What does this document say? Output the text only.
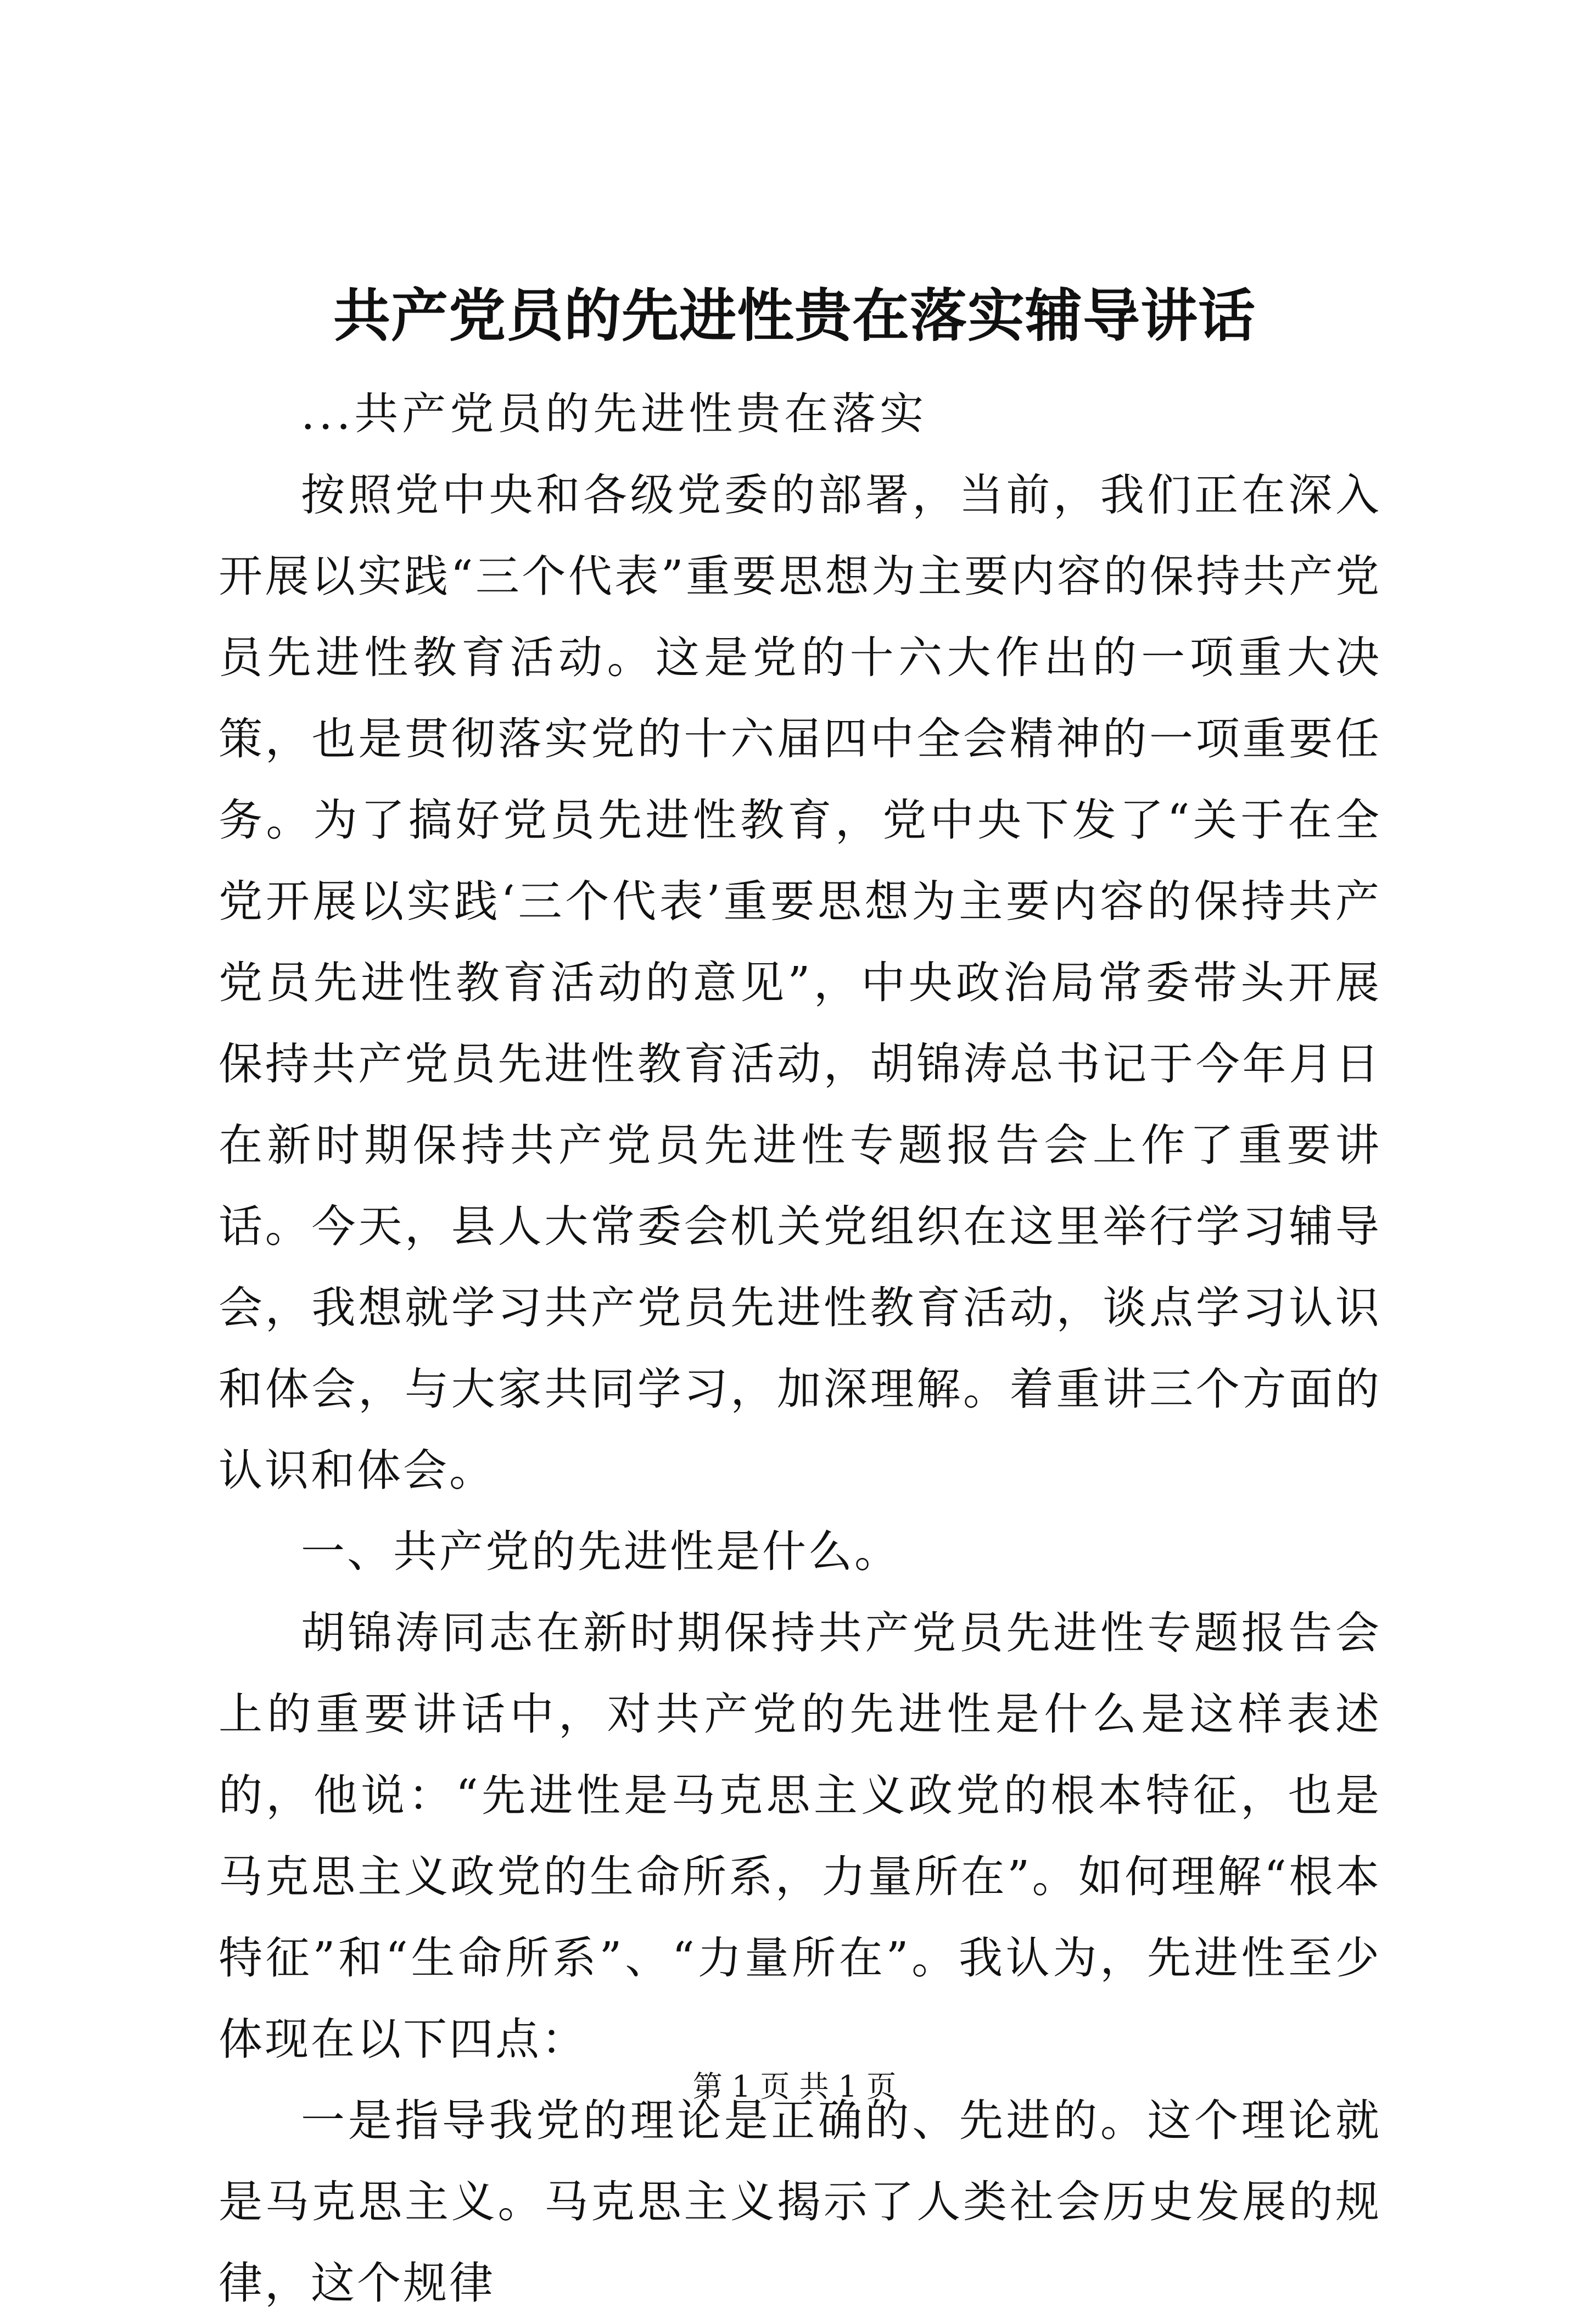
共产党员的先进性贵在落实辅导讲话

...共产党员的先进性贵在落实

按照党中央和各级党委的部署，当前，我们正在深入开展以实践“三个代表”重要思想为主要内容的保持共产党员先进性教育活动。这是党的十六大作出的一项重大决策，也是贯彻落实党的十六届四中全会精神的一项重要任务。为了搞好党员先进性教育，党中央下发了“关于在全党开展以实践‘三个代表’重要思想为主要内容的保持共产党员先进性教育活动的意见”，中央政治局常委带头开展保持共产党员先进性教育活动，胡锦涛总书记于今年月日在新时期保持共产党员先进性专题报告会上作了重要讲话。今天，县人大常委会机关党组织在这里举行学习辅导会，我想就学习共产党员先进性教育活动，谈点学习认识和体会，与大家共同学习，加深理解。着重讲三个方面的认识和体会。

一、共产党的先进性是什么。

胡锦涛同志在新时期保持共产党员先进性专题报告会上的重要讲话中，对共产党的先进性是什么是这样表述的，他说：“先进性是马克思主义政党的根本特征，也是马克思主义政党的生命所系，力量所在”。如何理解“根本特征”和“生命所系”、“力量所在”。我认为，先进性至少体现在以下四点：

一是指导我党的理论是正确的、先进的。这个理论就是马克思主义。马克思主义揭示了人类社会历史发展的规律，这个规律

第 1 页 共 1 页
